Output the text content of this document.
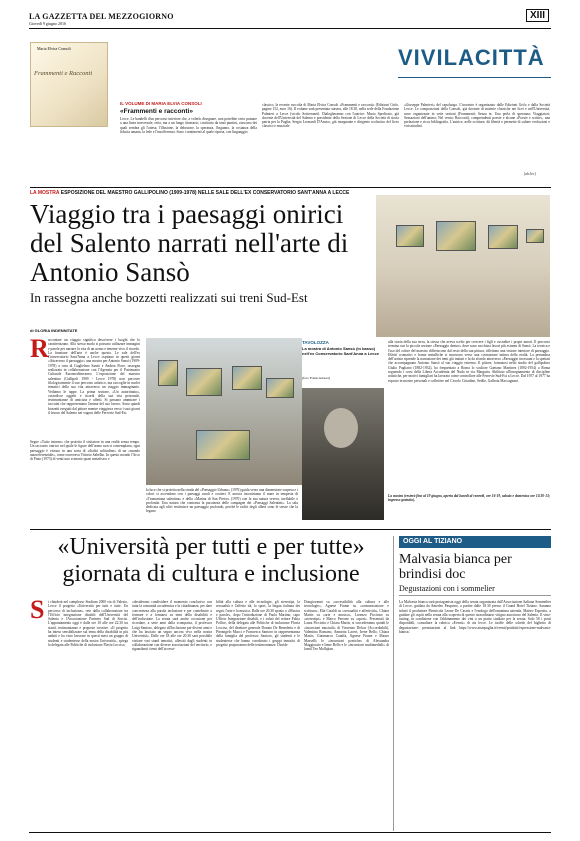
LA GAZZETTA DEL MEZZOGIORNO
Giovedì 9 giugno 2016
XIII
VIVILACITTÀ
Maria Elvira Consoli
Frammenti e Racconti
IL VOLUME DI MARIA ELVIA CONSOLI
«Frammenti e racconti»
Lecce. Le bandelli d'un percorso interiore che, a volerlo disegnare, non potrebbe certo puntare a una linea trasversale, retta, ma a un lungo itinerario, costituito da tanti puntini, ciascuno dei quali sembra gli l'attesa, l'illusione, la delusione, la speranza, l'inganno, la costanza della fiducia umana, la fede e l'insofferenza. Sono i sentimenti al quale riporta, con linguaggio
classico, la recente raccolta di Maria Elvira Consoli «Frammenti e racconti» (Edizioni Grifo, pagine 152, euro 16). Il volume sarà presentato stasera, alle 18.30, nella sede della Fondazione Palmieri a Lecce (vicolo Sotterranei). Dialogheranno con l'autrice: Mario Spedicato, già docente dell'Università del Salento e presidente della Sezione di Lecce della Società di storia patria per la Puglia; Sergio Leonardi D'Amico, già insegnante e dirigente scolastico del liceo classico e musicale
«Giuseppe Palmieri» del capoluogo. L'incontro è organizzato dalle Edizioni Grifo e dalla Società Lecce. Le composizioni della Consoli, già docente di materie classiche nei licei e nell'Università, sono organizzate in sette sezioni (Frammenti; Senza te; Una perla di speranza; Viaggiatori; Sensazioni dell'anima; Nel vento; Racconti), comprendenti poesie e alcune «Poesie e scritte», una prefazione e ricca bibliografia. L'autrice, nelle scritture, dà libertà e permette di saltare evoluzioni e vicissitudini.
[alc.lec]
LA MOSTRA ESPOSIZIONE DEL MAESTRO GALLIPOLINO (1909-1978) NELLE SALE DELL'EX CONSERVATORIO SANT'ANNA A LECCE
Viaggio tra i paesaggi onirici del Salento narrati nell'arte di Antonio Sansò
In rassegna anche bozzetti realizzati sui treni Sud-Est
di GLORIA INDENNITATE
TAVOLOZZA
La mostra di Antonio Sansò (in basso) nell'ex Conservatorio Sant'Anna a Lecce
[foto Frank Attaore]
R accontare un viaggio significa descrivere i luoghi che lo caratterizzano. Allo stesso modo si possono utilizzare immagini e parole per narrare la vita di un uomo e tenerne vivo il ricordo. La funzione dell'arte è anche questa. Le sale dell'ex Conservatorio Sant'Anna a Lecce ospitano in questi giorni «Attraverso il paesaggio» una mostra per Antonio Sansò (1909-1978) a cura di Guglielmo Sansò e Andrea Fiore, rassegna realizzata in collaborazione con l'Agenzia per il Patrimonio Culturale Euromediterraneo. L'esposizione del maestro salentino (Gallipoli 1909 - Lecce 1978) non percorre filologicamente il suo percorso artistico, ma raccoglie in nuclei tematici della sua vita attraverso un viaggio immaginario. Vediamo le tappe. La prima sezione, «Un autoritratto», custodisce oggetti e ricordi della sua vita personale, testimonianze di amicizia e affetti. Si passano ammirare i taccuini che rappresentano l'anima del suo lavoro. Sono quindi bozzetti eseguiti dal pittore mentre viaggiava verso i suoi giorni il lavoro del Salento nei vagoni delle Ferrovie Sud-Est.
Segue «Tutto intorno» che proietta il visitatore in una realtà senza tempo. Un racconto onirico nel quale le figure dell'uomo non si contemplano, ogni paesaggio è vissuto in una sorta di «dialisi solitudine» di un «mondo autoreferenziale», come osservava Vittorio Sabelbo. In questo mondo l'Arco di Prato (1973) di venti uno scenario quasi metafisico e
la luce che si proietta nella strada del «Paesaggio Urbano» (1976) guida verso una dimensione sospesa e i colori si accendono con i paesaggi rurali e costieri. E ancora incontriamo il mare in tempesta di «Tramontana salentina» e della «Marina di San Pietro» (1970) con la sua natura severa, ineffabile e profonda. Una natura che contrasta la pacatezza delle campagne dei «Paesaggi Salentini». La sala dedicata agli ulivi restituisce un paesaggio profondo, perché le radici degli alberi sono le stesse che la legano
alla storia della sua terra, la stessa che aveva scelto per crescere i figli e custodire i propri amori. Il percorso termina con la piccola sezione «Paesaggio dentro» dove sono racchiusi lavori più estremi di Sansò. La tecnica e l'uso del colore del maestro differiscono dal resto della sua pittura, riflettono una visione interiore di paesaggio. Effetti cromatici e forme metalliche si muovono verso una costruzione intima della realtà. La penombra dell'artista riprende la narrazione dei temi già trattati e fa da sfondo attraverso «Paesaggio incessant e la spettati che accompagnano Antonio Sansò al suo viaggio estremo. Il pittore, formatosi nello studio del gallipolino Giulio Pagliano (1882-1932), ha frequentato a Roma lo scultore Gaetano Martinez (1892-1954) a Roma seguendo i corsi della Libera Accademia del Nudo in via Margutta. Abilitato all'insegnamento di discipline artistiche, per motivi famigliari ha lavorato come controllore alle Ferrovie Sud-Est a Lecce. Dal 1957 al 1977 ha esposto in mostre personali e collettive nel Circolo Cittadino, Sedile, Galleria Maccagnani.
La mostra (resterà fino al 19 giugno, aperta dal lunedì al venerdì, ore 16-19, sabato e domenica ore 10.30-13; ingresso gratuito).
«Università per tutti e per tutte» giornata di cultura e inclusione
S i chiuderà nel complesso Studium 2000 via di Valesio, Lecce il progetto «Università per tutti e tutte. Un percorso di inclusione», rete dalla collaborazione tra l'Ufficio integrazione disabili dell'Università del Salento e l'Associazione Partners Sud di Sorrisi. L'appuntamento oggi è dalle ore 10 alle ore 22.30 tra stand, testimonianze e proposte creative. «Il progetto ha inteso sensibilizzare sul tema della disabilità in più ambiti e ha visto lavorare in questi mesi un gruppo di studenti e studentesse della nostra Università», spiega la delegata alle Politiche di inclusione Flavia Lecciso,
«desiderano condividere il momento conclusivo con tutta la comunità accademica e la cittadinanza, per dare concretezza alla parola inclusione e per contribuire a formare e a formarsi su temi della disabilità e dell'inclusione. La serata sarà anche occasione per ricordare, a sette anni dalla scomparsa, il professor Luigi Santoro, delegato all'Inclusione per diversi anni e che ha lasciato un segno ancora vivo nella nostra Università». Dalle ore 18 alle ore 20.30 sarà possibile visitare vari stand tematici, allestiti dagli studenti in collaborazione con diverse associazioni del territorio, e riguardanti i temi dell'accessi-
bilità alla cultura e alle tecnologie, gli stereotipi, la sessualità e l'affetto ità, lo sport, la lingua italiana dei segni, l'arte e la musica. Dalle ore 20.30 spazio a «Musica e parole», dopo l'introduzione di Paola Martino, capo Ufficio Integrazione disabili, e i saluti del rettore Fabio Pollice, della delegata alle Politiche di inclusione Flavia Lecciso, del direttore generale Donato De Benedetto e di Pierangelo Mucci e Francesca Santoro in rappresentanza della famiglia del professor Santoro, gli studenti e le studentesse che hanno coordinato i gruppi tematici di progetto proporranno delle testimonianze: Davide
Dongiovanni su «accessibilità alla cultura e alle tecnologie», Agnese Fiume su «comunicazione e scrittura», Elia Cataldi su «sessualità e affettività», Chiara Martis su «arte e musica», Lorenzo Piccinno su «stereotipi» e Marco Perrone su «sport». Presentati da Laura Picciotto e Chiara Martis, si succederanno quindi le «incursioni musicali» di Vincenzo Delcar (Accordiabili), Valentina Romano, Annarita Laceri, Irene Bello, Chiara Martis, Gianmarco Cataffa, Agnese Fiume e Mauro Masselli; le «incursioni poetiche» di Alessandra Maggiorato e Irene Bello e le «incursioni multimediali» di Jamil Teo Mollajian.
OGGI AL TIZIANO
Malvasia bianca per brindisi doc
Degustazioni con i sommelier
La Malvasia bianca sarà protagonista oggi della serata organizzata dall'Associazione Italiana Sommelier di Lecce, guidata da Amedeo Pasquino, a partire dalle 18.30 presso il Grand Hotel Tiziano. Saranno infatti il produttore Piernicola Leone De Castris e l'enologo dell'omonima azienda, Matteo Esposito, a guidare gli ospiti nella serata alla scoperta di questo straordinario vitigno autoctono del Salento. Il vino-tasting, in condizione con l'abbinamento dei vini a un piatto studiato per la serata. Solo 50 i posti disponibili, consultare la rubrica «Eventi» di ais lecce. Le tariffe delle schede del biglietto di degustazione: prenotazioni al link https://www.aisarpuglia.it/eventi/prodotti/espressione-malvasia-bianca/.
